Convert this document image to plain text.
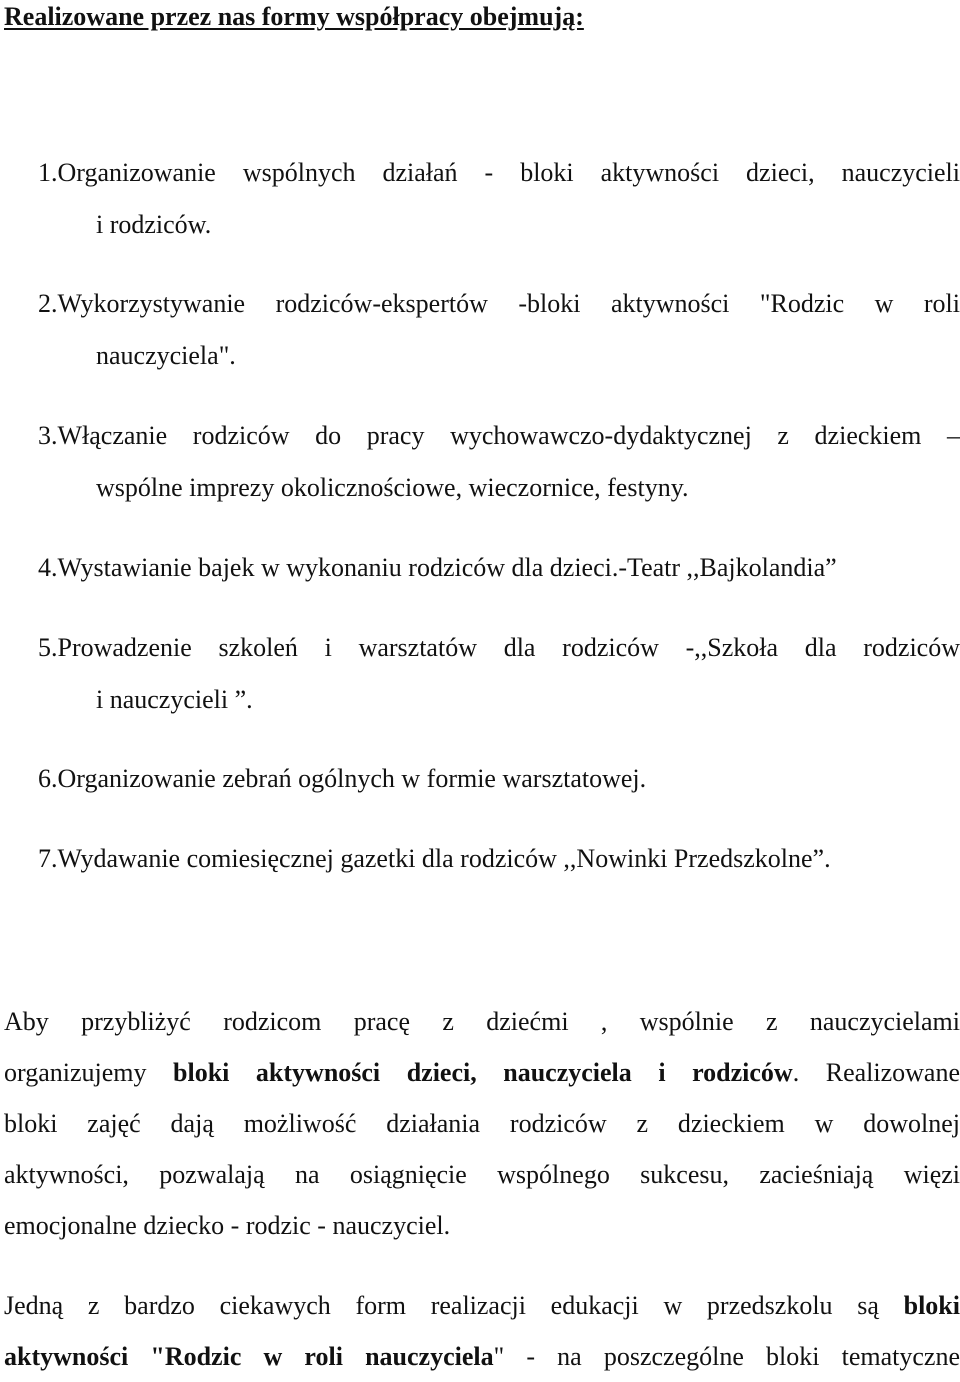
Realizowane przez nas formy współpracy obejmują:
1.Organizowanie wspólnych działań - bloki aktywności dzieci, nauczycieli
i rodziców.
2.Wykorzystywanie rodziców-ekspertów -bloki aktywności "Rodzic w roli
nauczyciela".
3.Włączanie rodziców do pracy wychowawczo-dydaktycznej z dzieckiem –
wspólne imprezy okolicznościowe, wieczornice, festyny.
4.Wystawianie bajek w wykonaniu rodziców dla dzieci.-Teatr ,,Bajkolandia”
5.Prowadzenie szkoleń i warsztatów dla rodziców -,,Szkoła dla rodziców
i nauczycieli ”.
6.Organizowanie zebrań ogólnych w formie warsztatowej.
7.Wydawanie comiesięcznej gazetki dla rodziców ,,Nowinki Przedszkolne”.
Aby przybliżyć rodzicom pracę z dziećmi , wspólnie z nauczycielami
organizujemy bloki aktywności dzieci, nauczyciela i rodziców. Realizowane
bloki zajęć dają możliwość działania rodziców z dzieckiem w dowolnej
aktywności, pozwalają na osiągnięcie wspólnego sukcesu, zacieśniają więzi
emocjonalne dziecko - rodzic - nauczyciel.
Jedną z bardzo ciekawych form realizacji edukacji w przedszkolu są bloki
aktywności "Rodzic w roli nauczyciela" - na poszczególne bloki tematyczne
